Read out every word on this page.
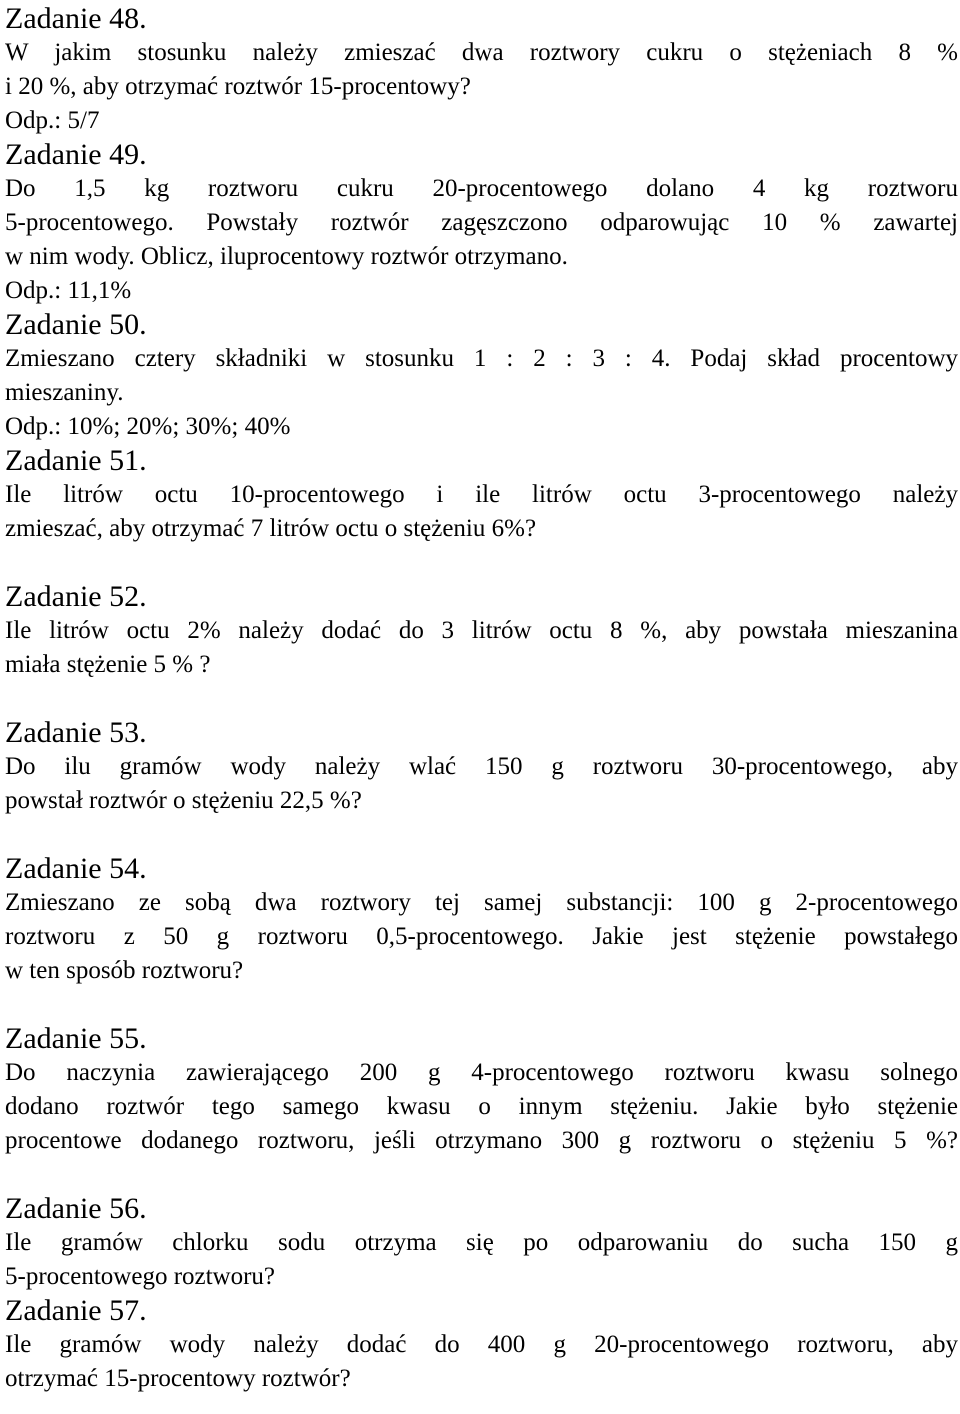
Zadanie 48.
W jakim stosunku należy zmieszać dwa roztwory cukru o stężeniach 8 %
i 20 %, aby otrzymać roztwór 15-procentowy?
Odp.: 5/7
Zadanie 49.
Do 1,5 kg roztworu cukru 20-procentowego dolano 4 kg roztworu
5-procentowego. Powstały roztwór zagęszczono odparowując 10 % zawartej
w nim wody. Oblicz, iluprocentowy roztwór otrzymano.
Odp.: 11,1%
Zadanie 50.
Zmieszano cztery składniki w stosunku 1 : 2 : 3 : 4. Podaj skład procentowy
mieszaniny.
Odp.: 10%; 20%; 30%; 40%
Zadanie 51.
Ile litrów octu 10-procentowego i ile litrów octu 3-procentowego należy
zmieszać, aby otrzymać 7 litrów octu o stężeniu 6%?
Zadanie 52.
Ile litrów octu 2% należy dodać do 3 litrów octu 8 %, aby powstała mieszanina
miała stężenie 5 % ?
Zadanie 53.
Do ilu gramów wody należy wlać 150 g roztworu 30-procentowego, aby
powstał roztwór o stężeniu 22,5 %?
Zadanie 54.
Zmieszano ze sobą dwa roztwory tej samej substancji: 100 g 2-procentowego
roztworu z 50 g roztworu 0,5-procentowego. Jakie jest stężenie powstałego
w ten sposób roztworu?
Zadanie 55.
Do naczynia zawierającego 200 g 4-procentowego roztworu kwasu solnego
dodano roztwór tego samego kwasu o innym stężeniu. Jakie było stężenie
procentowe dodanego roztworu, jeśli otrzymano 300 g roztworu o stężeniu 5 %?
Zadanie 56.
Ile gramów chlorku sodu otrzyma się po odparowaniu do sucha 150 g
5-procentowego roztworu?
Zadanie 57.
Ile gramów wody należy dodać do 400 g 20-procentowego roztworu, aby
otrzymać 15-procentowy roztwór?
